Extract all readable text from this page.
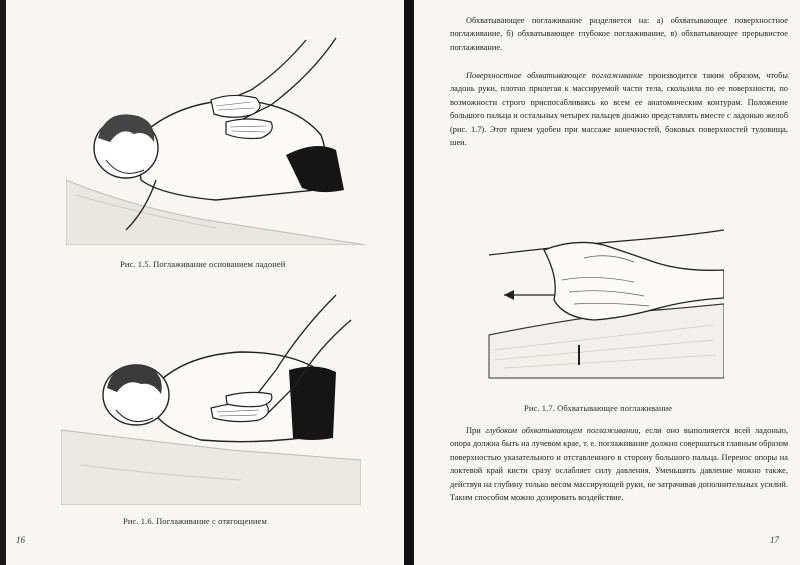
Рис. 1.5. Поглаживание основанием ладоней
Рис. 1.6. Поглаживание с отягощением
16

Обхватывающее поглаживание разделяется на: а) обхватывающее поверхностное поглаживание, б) обхватывающее глубокое поглаживание, в) обхватывающее прерывистое поглаживание.

Поверхностное обхватывающее поглаживание производится таким образом, чтобы ладонь руки, плотно прилегая к массируемой части тела, скользила по ее поверхности, по возможности строго приспосабливаясь ко всем ее анатомическим контурам. Положение большого пальца и остальных четырех пальцев должно представлять вместе с ладонью желоб (рис. 1.7). Этот прием удобен при массаже конечностей, боковых поверхностей туловища, шеи.

Рис. 1.7. Обхватывающее поглаживание

При глубоком обхватывающем поглаживании, если оно выполняется всей ладонью, опора должна быть на лучевом крае, т. е. поглаживание должно совершаться главным образом поверхностью указательного и отставленного в сторону большого пальца. Перенос опоры на локтевой край кисти сразу ослабляет силу давления. Уменьшить давление можно также, действуя на глубину только весом массирующей руки, не затрачивая дополнительных усилий. Таким способом можно дозировать воздействие.

17
